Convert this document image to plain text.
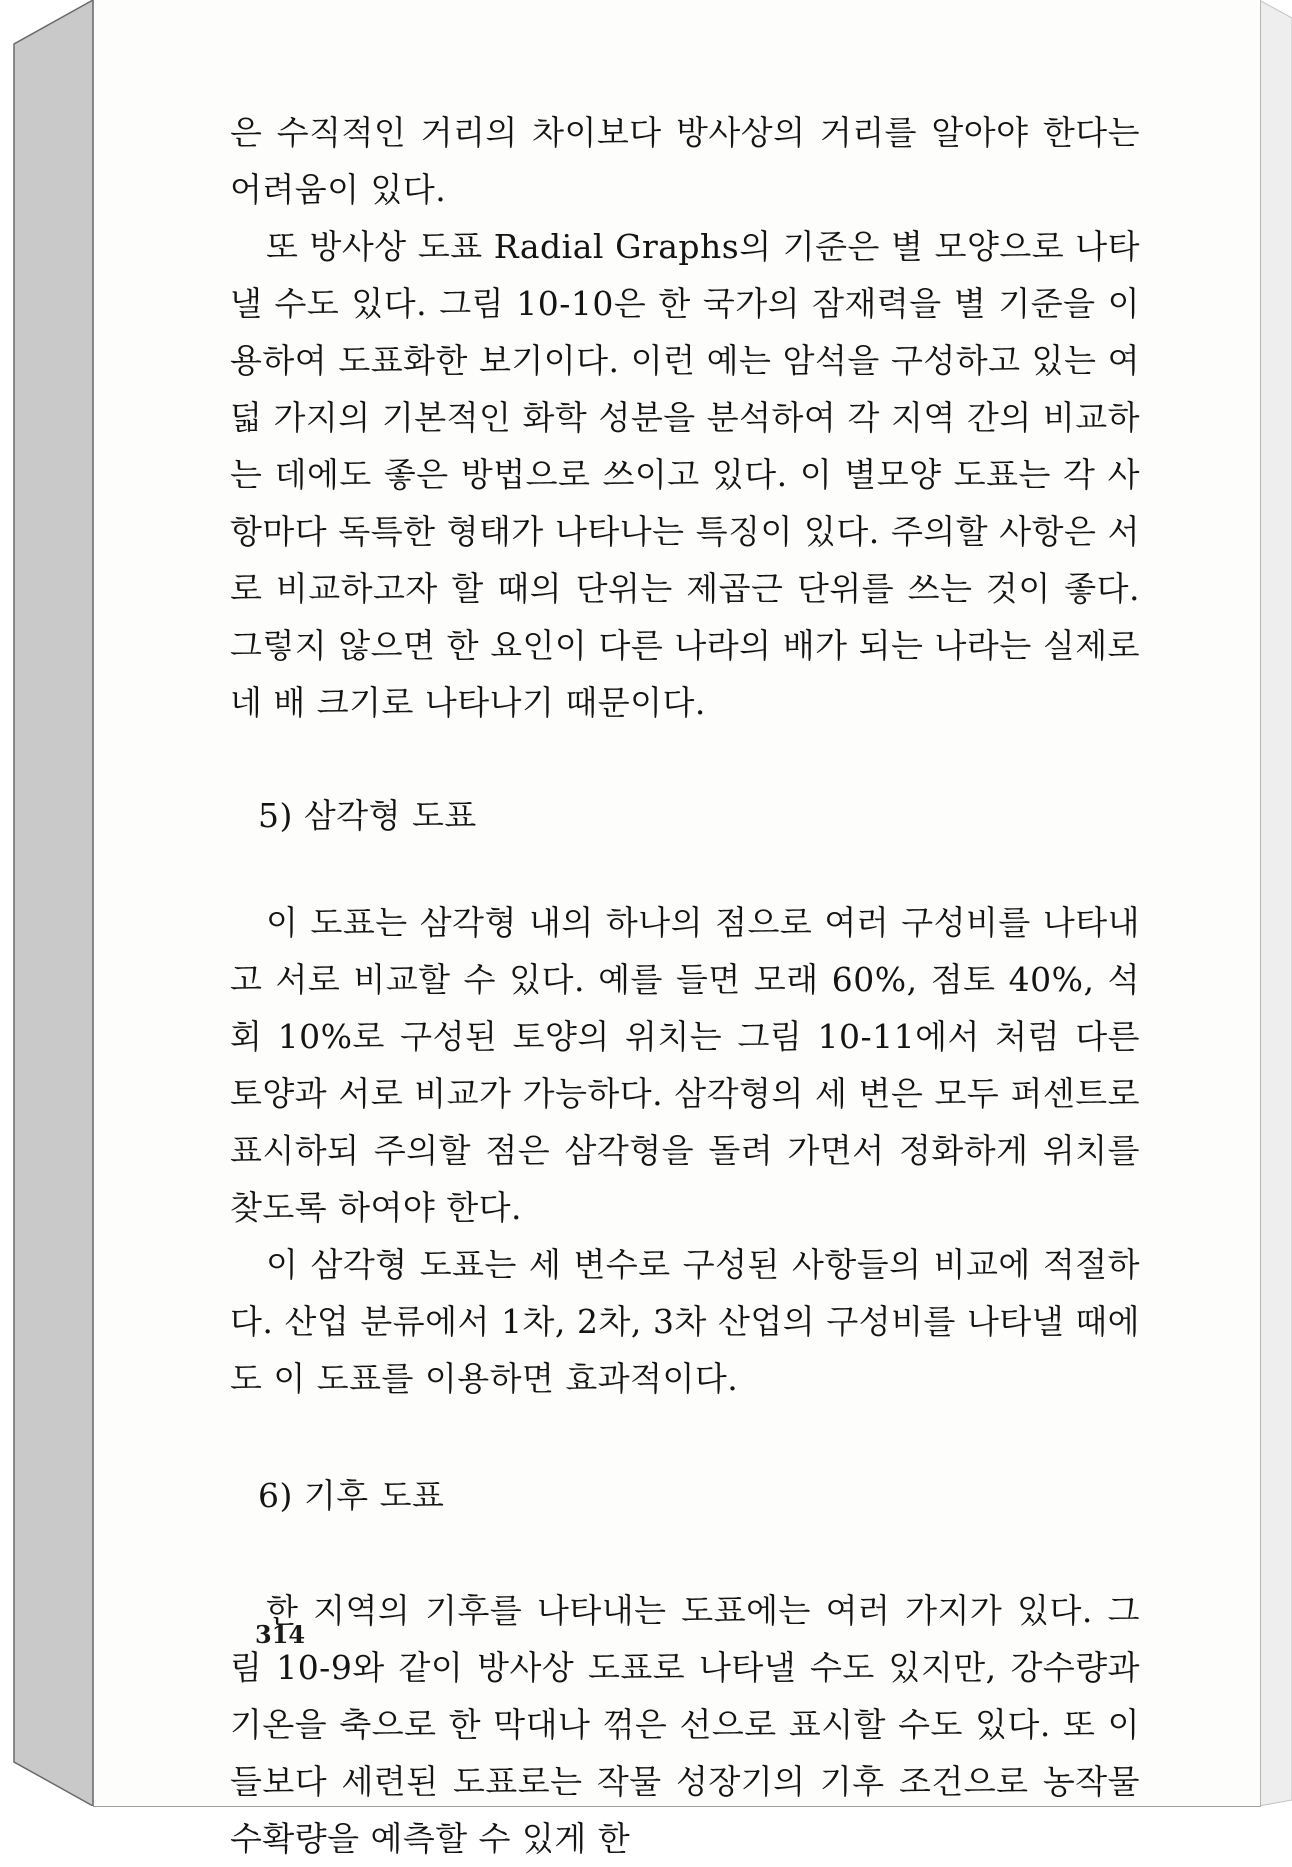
은 수직적인 거리의 차이보다 방사상의 거리를 알아야 한다는 어려움이 있다.

또 방사상 도표 Radial Graphs의 기준은 별 모양으로 나타낼 수도 있다. 그림 10-10은 한 국가의 잠재력을 별 기준을 이용하여 도표화한 보기이다. 이런 예는 암석을 구성하고 있는 여덟 가지의 기본적인 화학 성분을 분석하여 각 지역 간의 비교하는 데에도 좋은 방법으로 쓰이고 있다. 이 별모양 도표는 각 사항마다 독특한 형태가 나타나는 특징이 있다. 주의할 사항은 서로 비교하고자 할 때의 단위는 제곱근 단위를 쓰는 것이 좋다. 그렇지 않으면 한 요인이 다른 나라의 배가 되는 나라는 실제로 네 배 크기로 나타나기 때문이다.

5) 삼각형 도표

이 도표는 삼각형 내의 하나의 점으로 여러 구성비를 나타내고 서로 비교할 수 있다. 예를 들면 모래 60%, 점토 40%, 석회 10%로 구성된 토양의 위치는 그림 10-11에서 처럼 다른 토양과 서로 비교가 가능하다. 삼각형의 세 변은 모두 퍼센트로 표시하되 주의할 점은 삼각형을 돌려 가면서 정화하게 위치를 찾도록 하여야 한다.

이 삼각형 도표는 세 변수로 구성된 사항들의 비교에 적절하다. 산업 분류에서 1차, 2차, 3차 산업의 구성비를 나타낼 때에도 이 도표를 이용하면 효과적이다.

6) 기후 도표

한 지역의 기후를 나타내는 도표에는 여러 가지가 있다. 그림 10-9와 같이 방사상 도표로 나타낼 수도 있지만, 강수량과 기온을 축으로 한 막대나 꺾은 선으로 표시할 수도 있다. 또 이들보다 세련된 도표로는 작물 성장기의 기후 조건으로 농작물 수확량을 예측할 수 있게 한

314
